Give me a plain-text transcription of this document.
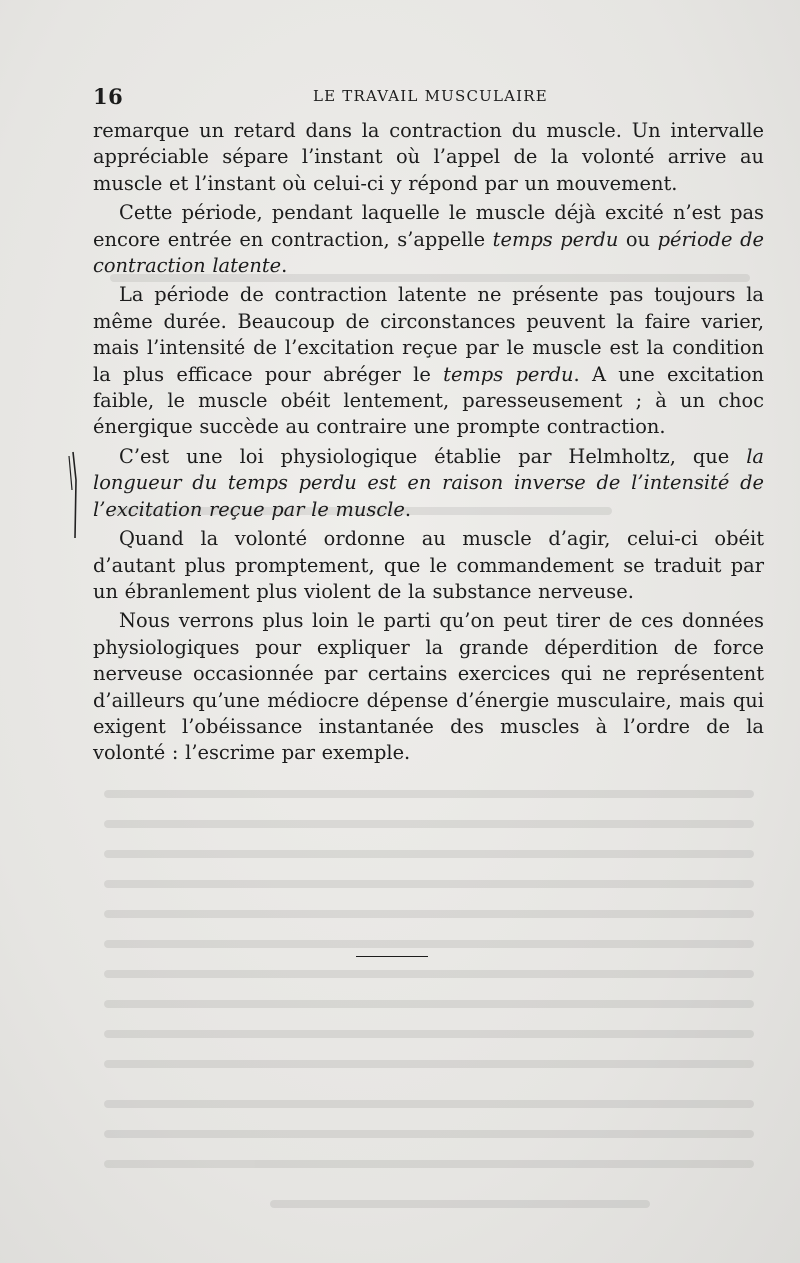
16	LE TRAVAIL MUSCULAIRE

remarque un retard dans la contraction du muscle. Un intervalle appréciable sépare l’instant où l’appel de la volonté arrive au muscle et l’instant où celui-ci y répond par un mouvement.

Cette période, pendant laquelle le muscle déjà excité n’est pas encore entrée en contraction, s’appelle temps perdu ou période de contraction latente.

La période de contraction latente ne présente pas toujours la même durée. Beaucoup de circonstances peuvent la faire varier, mais l’intensité de l’excitation reçue par le muscle est la condition la plus efficace pour abréger le temps perdu. A une excitation faible, le muscle obéit lentement, paresseusement ; à un choc énergique succède au contraire une prompte contraction.

C’est une loi physiologique établie par Helmholtz, que la longueur du temps perdu est en raison inverse de l’intensité de l’excitation reçue par le muscle.

Quand la volonté ordonne au muscle d’agir, celui-ci obéit d’autant plus promptement, que le commandement se traduit par un ébranlement plus violent de la substance nerveuse.

Nous verrons plus loin le parti qu’on peut tirer de ces données physiologiques pour expliquer la grande déperdition de force nerveuse occasionnée par certains exercices qui ne représentent d’ailleurs qu’une médiocre dépense d’énergie musculaire, mais qui exigent l’obéissance instantanée des muscles à l’ordre de la volonté : l’escrime par exemple.
